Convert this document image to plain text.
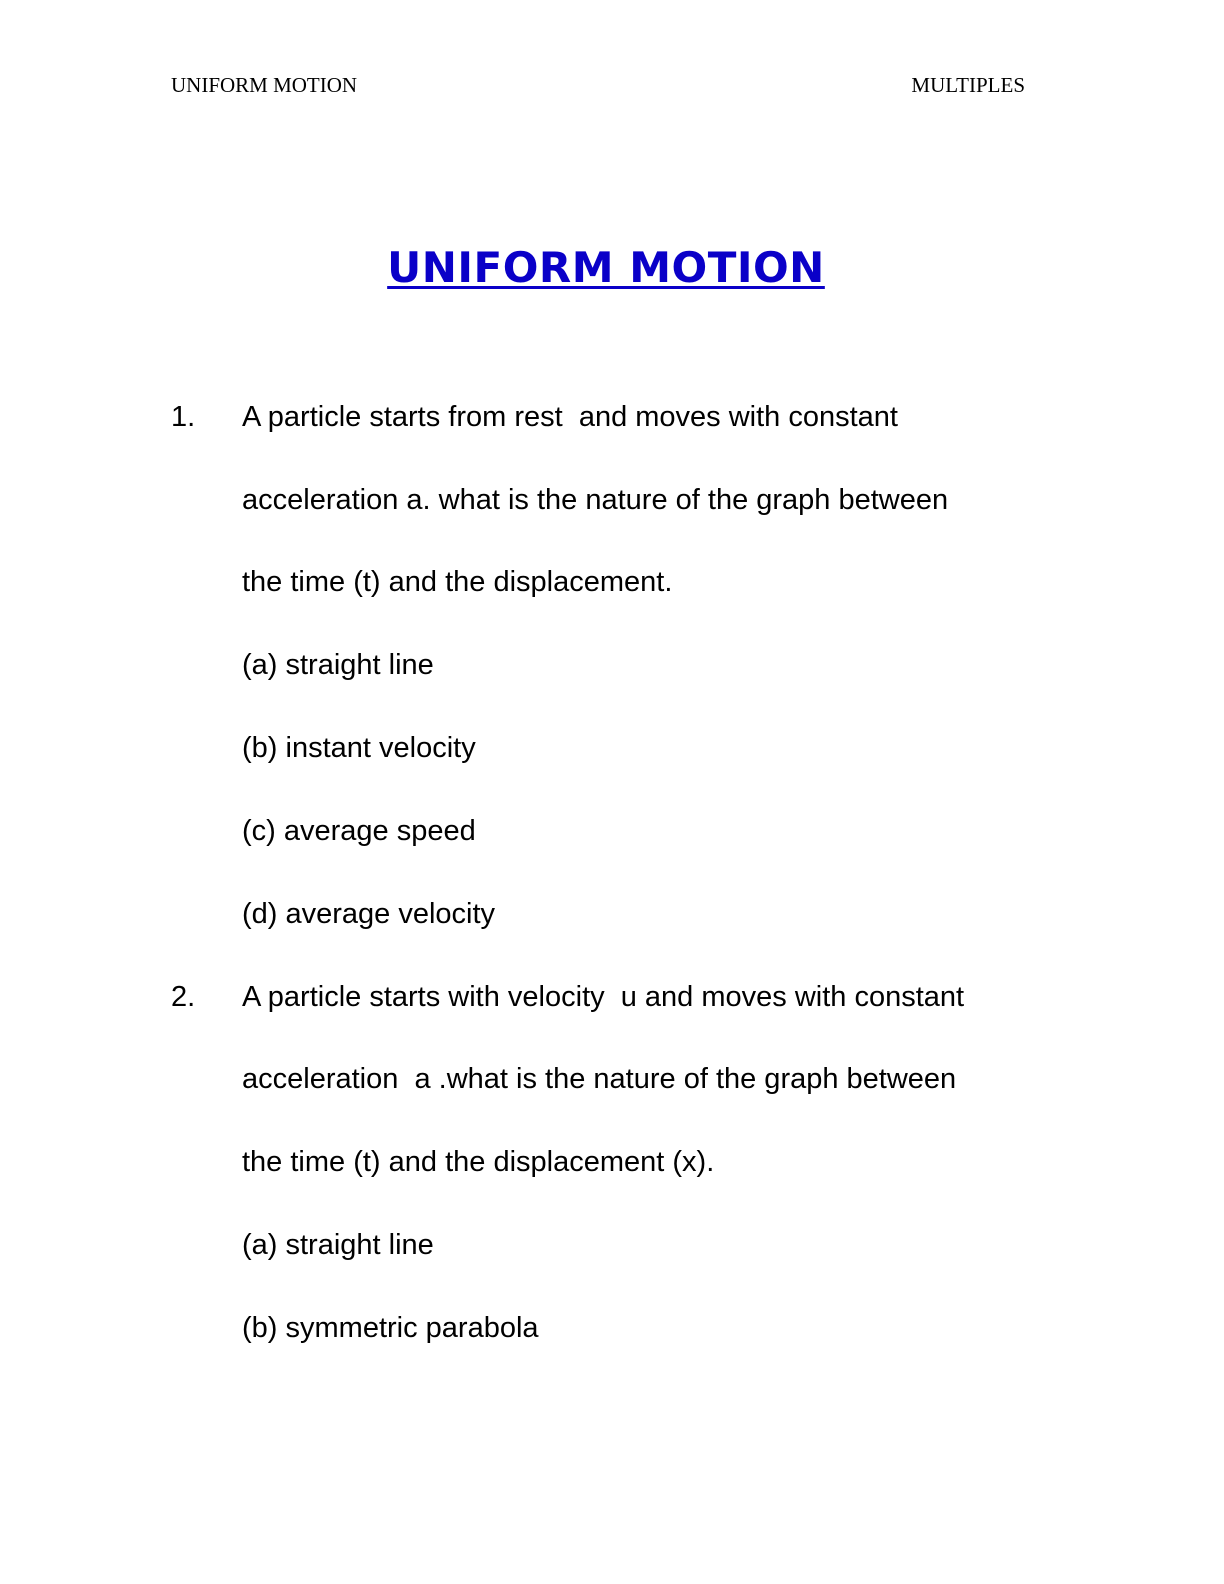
UNIFORM MOTION	MULTIPLES
UNIFORM MOTION
1. A particle starts from rest  and moves with constant
acceleration a. what is the nature of the graph between
the time (t) and the displacement.
(a) straight line
(b) instant velocity
(c) average speed
(d) average velocity
2. A particle starts with velocity  u and moves with constant
acceleration  a .what is the nature of the graph between
the time (t) and the displacement (x).
(a) straight line
(b) symmetric parabola
